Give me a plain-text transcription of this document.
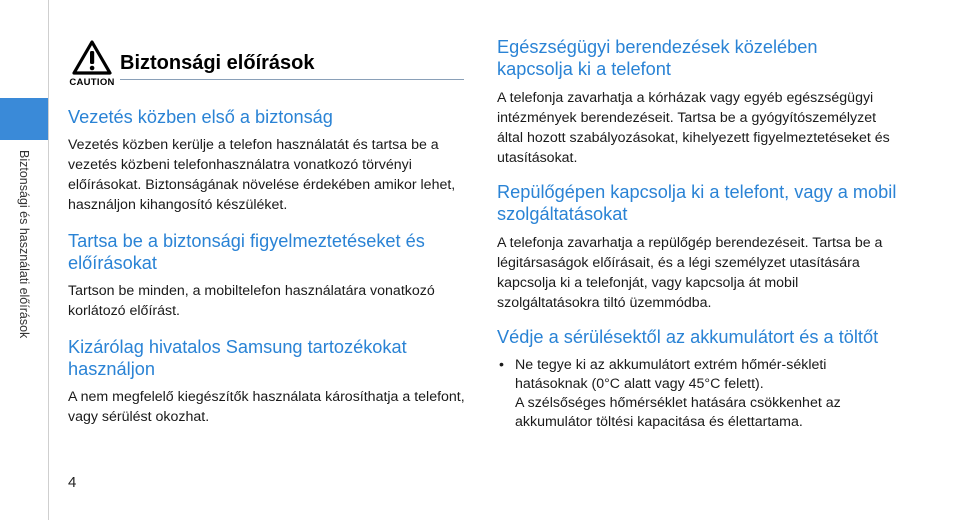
Biztonsági és használati előírások
4
CAUTION
Biztonsági előírások
Vezetés közben első a biztonság

Vezetés közben kerülje a telefon használatát és tartsa be a vezetés közbeni telefonhasználatra vonatkozó törvényi előírásokat. Biztonságának növelése érdekében amikor lehet, használjon kihangosító készüléket.

Tartsa be a biztonsági figyelmeztetéseket és előírásokat

Tartson be minden, a mobiltelefon használatára vonatkozó korlátozó előírást.

Kizárólag hivatalos Samsung tartozékokat használjon

A nem megfelelő kiegészítők használata károsíthatja a telefont, vagy sérülést okozhat.

Egészségügyi berendezések közelében kapcsolja ki a telefont

A telefonja zavarhatja a kórházak vagy egyéb egészségügyi intézmények berendezéseit. Tartsa be a gyógyítószemélyzet által hozott szabályozásokat, kihelyezett figyelmeztetéseket és utasításokat.

Repülőgépen kapcsolja ki a telefont, vagy a mobil szolgáltatásokat

A telefonja zavarhatja a repülőgép berendezéseit. Tartsa be a légitársaságok előírásait, és a légi személyzet utasítására kapcsolja ki a telefonját, vagy kapcsolja át mobil szolgáltatásokra tiltó üzemmódba.

Védje a sérülésektől az akkumulátort és a töltőt
• Ne tegye ki az akkumulátort extrém hőmér-sékleti hatásoknak (0°C alatt vagy 45°C felett).
A szélsőséges hőmérséklet hatására csökkenhet az akkumulátor töltési kapacitása és élettartama.
